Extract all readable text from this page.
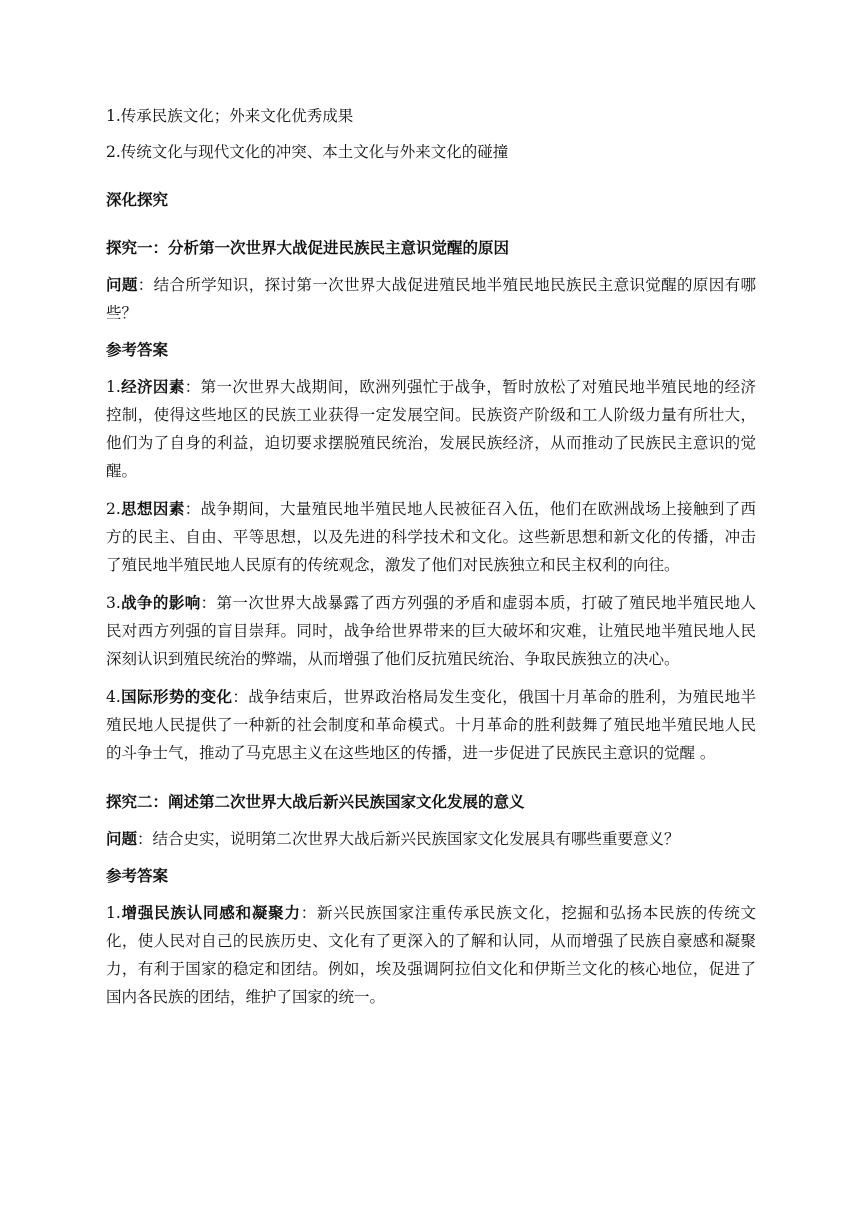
1.传承民族文化；外来文化优秀成果

2.传统文化与现代文化的冲突、本土文化与外来文化的碰撞

深化探究

探究一：分析第一次世界大战促进民族民主意识觉醒的原因

问题：结合所学知识，探讨第一次世界大战促进殖民地半殖民地民族民主意识觉醒的原因有哪些？

参考答案

1.经济因素：第一次世界大战期间，欧洲列强忙于战争，暂时放松了对殖民地半殖民地的经济控制，使得这些地区的民族工业获得一定发展空间。民族资产阶级和工人阶级力量有所壮大，他们为了自身的利益，迫切要求摆脱殖民统治，发展民族经济，从而推动了民族民主意识的觉醒。

2.思想因素：战争期间，大量殖民地半殖民地人民被征召入伍，他们在欧洲战场上接触到了西方的民主、自由、平等思想，以及先进的科学技术和文化。这些新思想和新文化的传播，冲击了殖民地半殖民地人民原有的传统观念，激发了他们对民族独立和民主权利的向往。

3.战争的影响：第一次世界大战暴露了西方列强的矛盾和虚弱本质，打破了殖民地半殖民地人民对西方列强的盲目崇拜。同时，战争给世界带来的巨大破坏和灾难，让殖民地半殖民地人民深刻认识到殖民统治的弊端，从而增强了他们反抗殖民统治、争取民族独立的决心。

4.国际形势的变化：战争结束后，世界政治格局发生变化，俄国十月革命的胜利，为殖民地半殖民地人民提供了一种新的社会制度和革命模式。十月革命的胜利鼓舞了殖民地半殖民地人民的斗争士气，推动了马克思主义在这些地区的传播，进一步促进了民族民主意识的觉醒 。

探究二：阐述第二次世界大战后新兴民族国家文化发展的意义

问题：结合史实，说明第二次世界大战后新兴民族国家文化发展具有哪些重要意义？

参考答案

1.增强民族认同感和凝聚力：新兴民族国家注重传承民族文化，挖掘和弘扬本民族的传统文化，使人民对自己的民族历史、文化有了更深入的了解和认同，从而增强了民族自豪感和凝聚力，有利于国家的稳定和团结。例如，埃及强调阿拉伯文化和伊斯兰文化的核心地位，促进了国内各民族的团结，维护了国家的统一。
